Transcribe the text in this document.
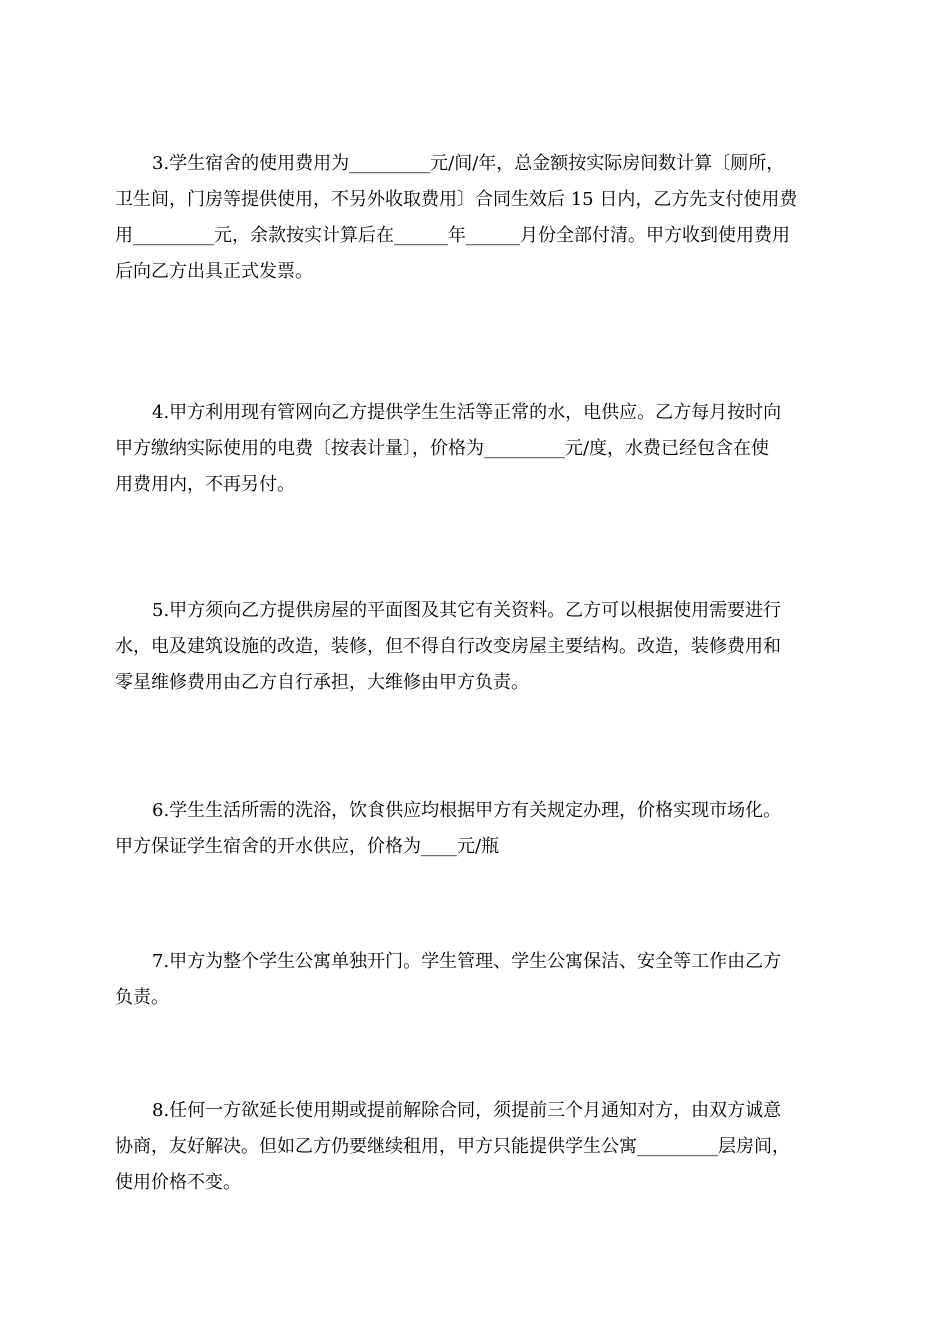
3.学生宿舍的使用费用为_________元/间/年，总金额按实际房间数计算〔厕所，
卫生间，门房等提供使用，不另外收取费用〕合同生效后 15 日内，乙方先支付使用费
用_________元，余款按实计算后在______年______月份全部付清。甲方收到使用费用
后向乙方出具正式发票。
4.甲方利用现有管网向乙方提供学生生活等正常的水，电供应。乙方每月按时向
甲方缴纳实际使用的电费〔按表计量〕，价格为_________元/度，水费已经包含在使
用费用内，不再另付。
5.甲方须向乙方提供房屋的平面图及其它有关资料。乙方可以根据使用需要进行
水，电及建筑设施的改造，装修，但不得自行改变房屋主要结构。改造，装修费用和
零星维修费用由乙方自行承担，大维修由甲方负责。
6.学生生活所需的洗浴，饮食供应均根据甲方有关规定办理，价格实现市场化。
甲方保证学生宿舍的开水供应，价格为____元/瓶
7.甲方为整个学生公寓单独开门。学生管理、学生公寓保洁、安全等工作由乙方
负责。
8.任何一方欲延长使用期或提前解除合同，须提前三个月通知对方，由双方诚意
协商，友好解决。但如乙方仍要继续租用，甲方只能提供学生公寓_________层房间，
使用价格不变。
